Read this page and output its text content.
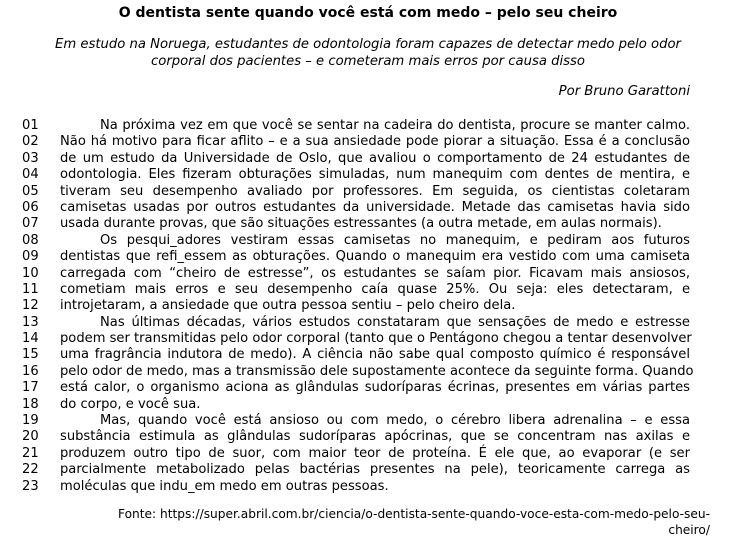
O dentista sente quando você está com medo – pelo seu cheiro
Em estudo na Noruega, estudantes de odontologia foram capazes de detectar medo pelo odor corporal dos pacientes – e cometeram mais erros por causa disso
Por Bruno Garattoni
01	Na próxima vez em que você se sentar na cadeira do dentista, procure se manter calmo.
02 Não há motivo para ficar aflito – e a sua ansiedade pode piorar a situação. Essa é a conclusão
03 de um estudo da Universidade de Oslo, que avaliou o comportamento de 24 estudantes de
04 odontologia. Eles fizeram obturações simuladas, num manequim com dentes de mentira, e
05 tiveram seu desempenho avaliado por professores. Em seguida, os cientistas coletaram
06 camisetas usadas por outros estudantes da universidade. Metade das camisetas havia sido
07 usada durante provas, que são situações estressantes (a outra metade, em aulas normais).
08	Os pesqui_adores vestiram essas camisetas no manequim, e pediram aos futuros
09 dentistas que refi_essem as obturações. Quando o manequim era vestido com uma camiseta
10 carregada com “cheiro de estresse”, os estudantes se saíam pior. Ficavam mais ansiosos,
11 cometiam mais erros e seu desempenho caía quase 25%. Ou seja: eles detectaram, e
12 introjetaram, a ansiedade que outra pessoa sentiu – pelo cheiro dela.
13	Nas últimas décadas, vários estudos constataram que sensações de medo e estresse
14 podem ser transmitidas pelo odor corporal (tanto que o Pentágono chegou a tentar desenvolver
15 uma fragrância indutora de medo). A ciência não sabe qual composto químico é responsável
16 pelo odor de medo, mas a transmissão dele supostamente acontece da seguinte forma. Quando
17 está calor, o organismo aciona as glândulas sudoríparas écrinas, presentes em várias partes
18 do corpo, e você sua.
19	Mas, quando você está ansioso ou com medo, o cérebro libera adrenalina – e essa
20 substância estimula as glândulas sudoríparas apócrinas, que se concentram nas axilas e
21 produzem outro tipo de suor, com maior teor de proteína. É ele que, ao evaporar (e ser
22 parcialmente metabolizado pelas bactérias presentes na pele), teoricamente carrega as
23 moléculas que indu_em medo em outras pessoas.
Fonte: https://super.abril.com.br/ciencia/o-dentista-sente-quando-voce-esta-com-medo-pelo-seu-cheiro/
